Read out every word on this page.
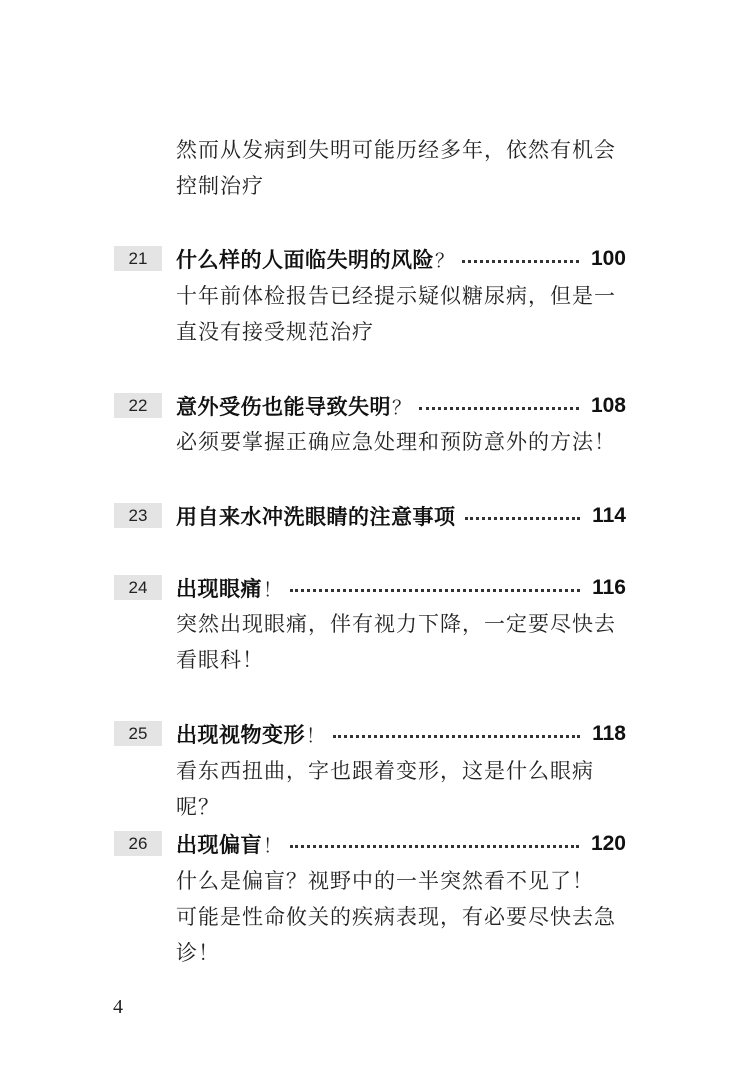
然而从发病到失明可能历经多年，依然有机会控制治疗
21	什么样的人面临失明的风险 ？	100
十年前体检报告已经提示疑似糖尿病，但是一直没有接受规范治疗
22	意外受伤也能导致失明 ？	108
必须要掌握正确应急处理和预防意外的方法！
23	用自来水冲洗眼睛的注意事项	114
24	出现眼痛 ！	116
突然出现眼痛，伴有视力下降，一定要尽快去看眼科！
25	出现视物变形 ！	118
看东西扭曲，字也跟着变形，这是什么眼病呢？
26	出现偏盲 ！	120
什么是偏盲？视野中的一半突然看不见了！
可能是性命攸关的疾病表现，有必要尽快去急诊！
4
